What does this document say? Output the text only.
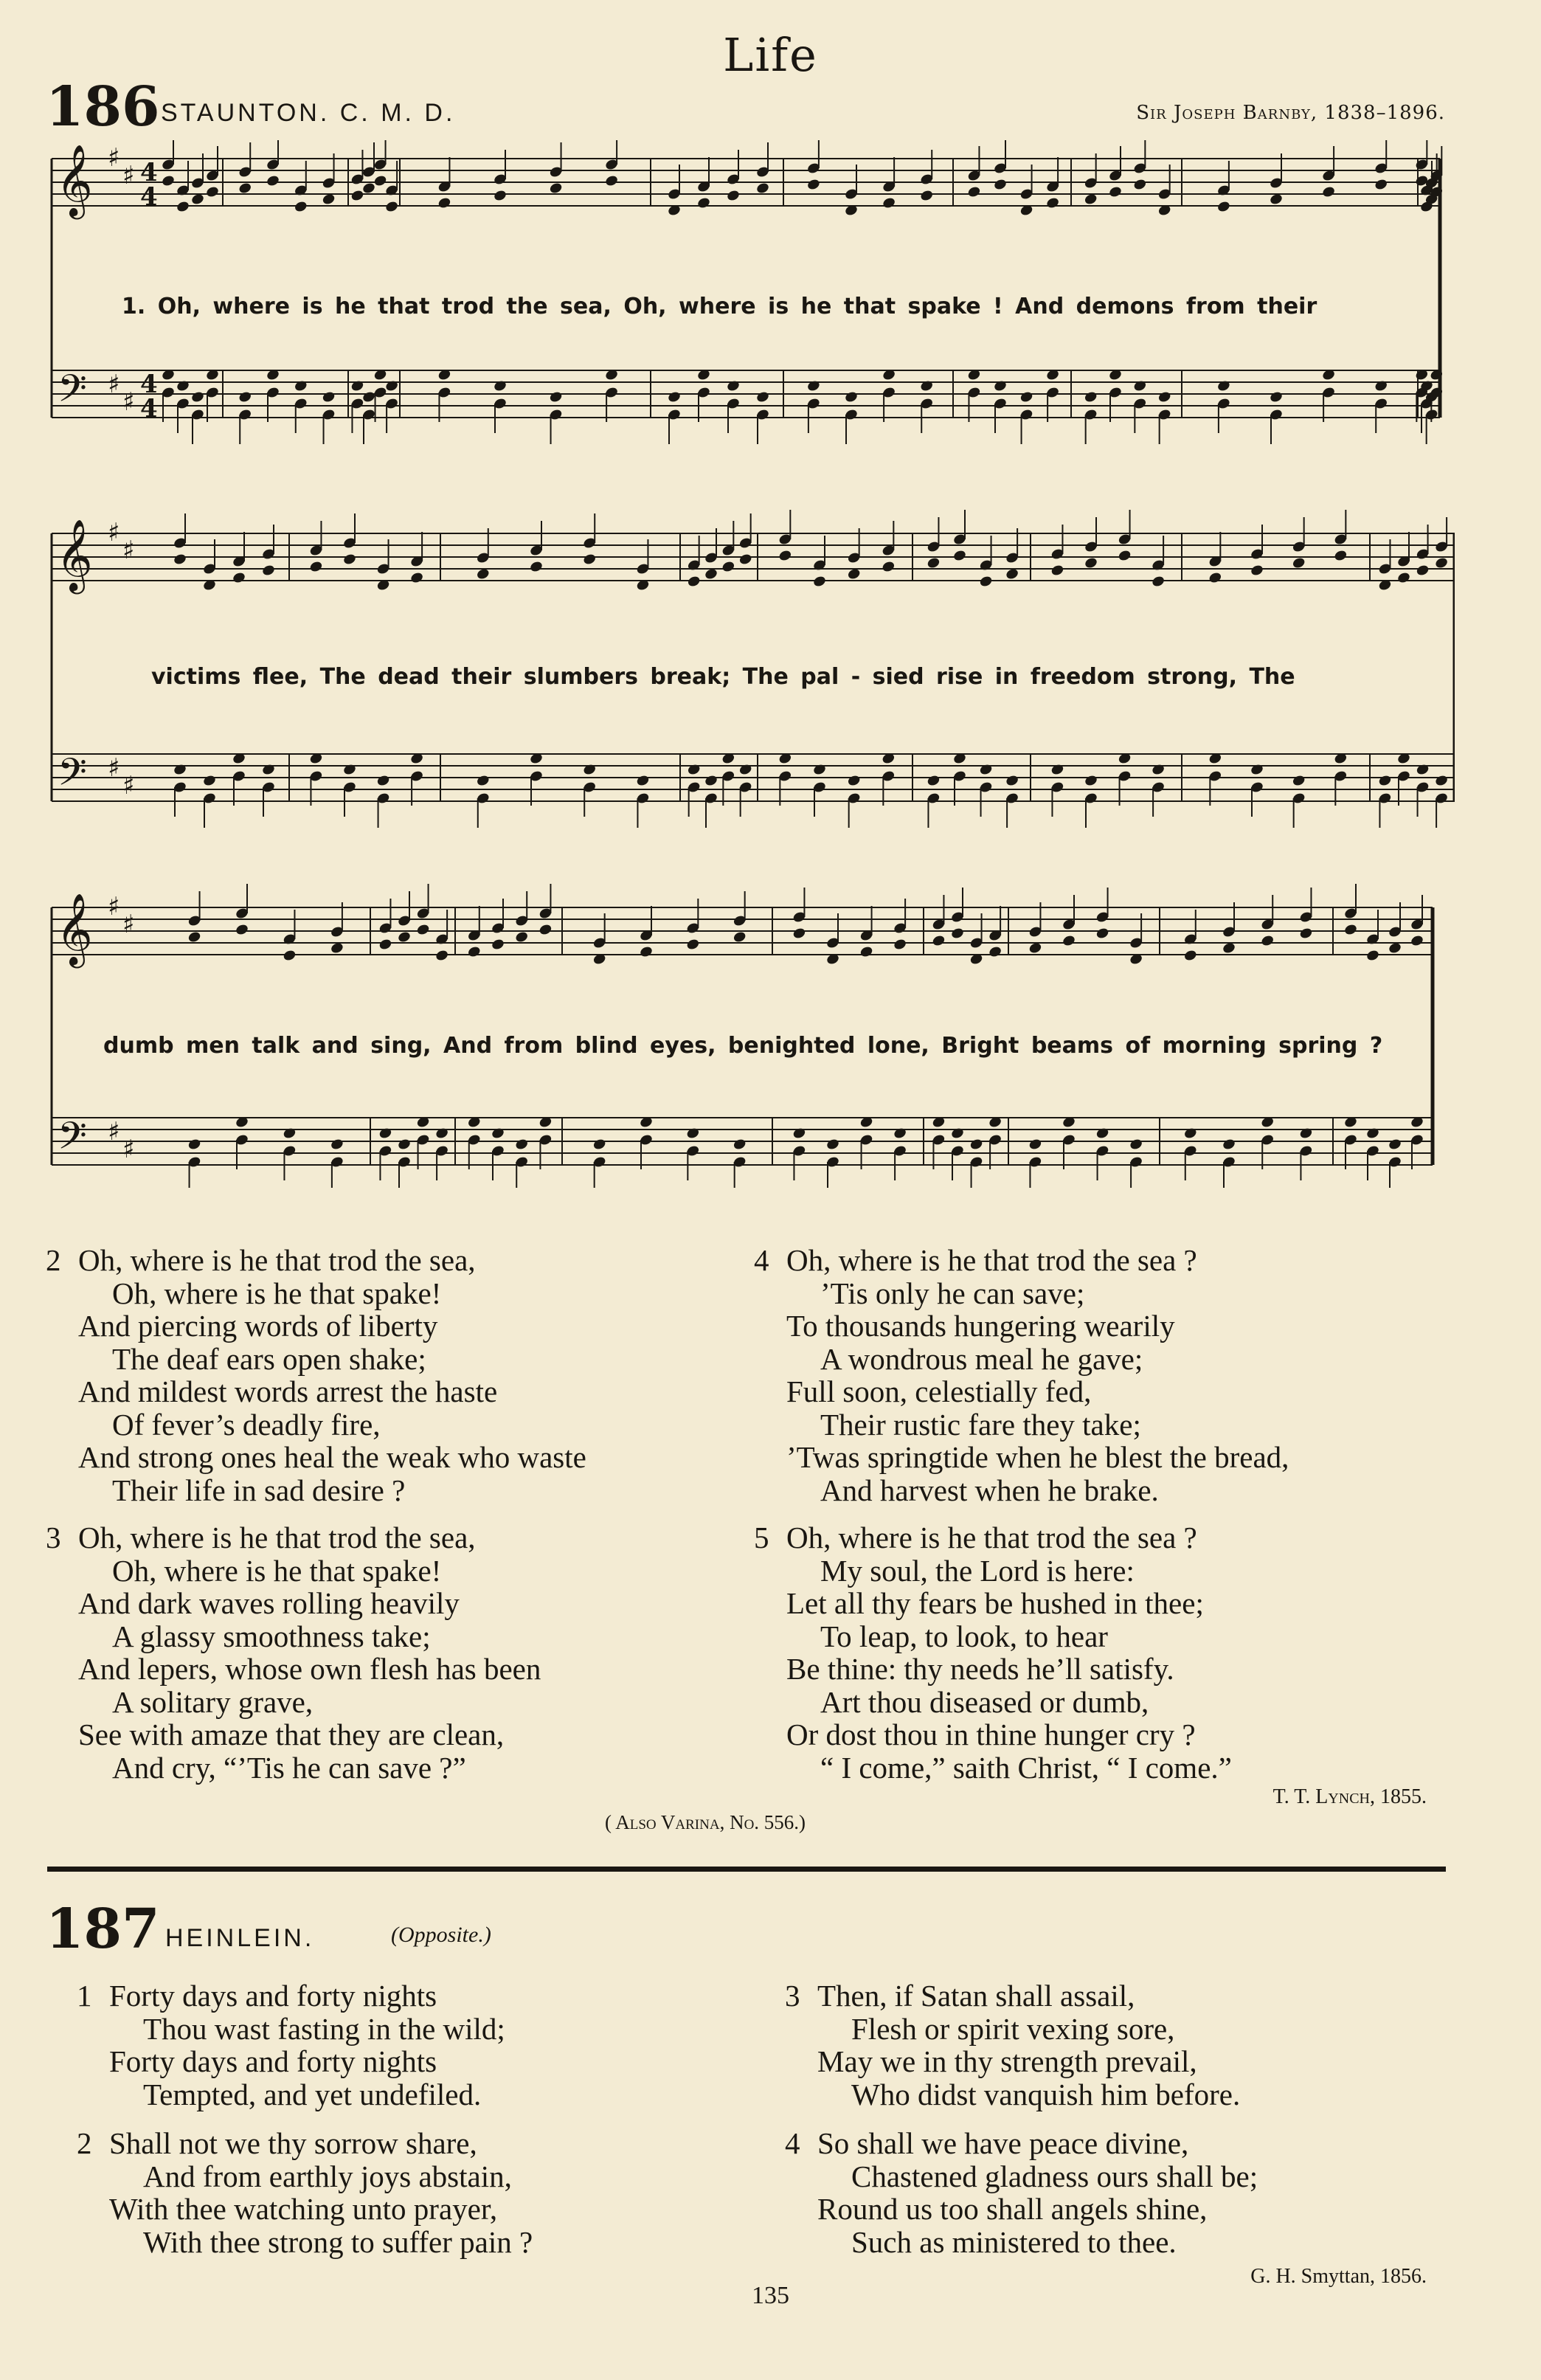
Life
186 STAUNTON. C. M. D.	Sir Joseph Barnby, 1838–1896.
𝄞
𝄢
♯
♯
♯
♯
4
4
4
4
𝄞
𝄢
♯
♯
♯
♯
𝄞
𝄢
♯
♯
♯
♯
1. Oh, where is he that trod the sea, Oh, where is he that spake ! And demons from their
victims flee, The dead their slumbers break; The pal - sied rise in freedom strong, The
dumb men talk and sing, And from blind eyes, benighted lone, Bright beams of morning spring ?
2 Oh, where is he that trod the sea,
Oh, where is he that spake!
And piercing words of liberty
The deaf ears open shake;
And mildest words arrest the haste
Of fever’s deadly fire,
And strong ones heal the weak who waste
Their life in sad desire ?
3 Oh, where is he that trod the sea,
Oh, where is he that spake!
And dark waves rolling heavily
A glassy smoothness take;
And lepers, whose own flesh has been
A solitary grave,
See with amaze that they are clean,
And cry, “’Tis he can save ?”
4 Oh, where is he that trod the sea ?
’Tis only he can save;
To thousands hungering wearily
A wondrous meal he gave;
Full soon, celestially fed,
Their rustic fare they take;
’Twas springtide when he blest the bread,
And harvest when he brake.
5 Oh, where is he that trod the sea ?
My soul, the Lord is here:
Let all thy fears be hushed in thee;
To leap, to look, to hear
Be thine: thy needs he’ll satisfy.
Art thou diseased or dumb,
Or dost thou in thine hunger cry ?
“ I come,” saith Christ, “ I come.”
T. T. Lynch, 1855.
( Also Varina, No. 556.)
187 HEINLEIN.	(Opposite.)
1 Forty days and forty nights
Thou wast fasting in the wild;
Forty days and forty nights
Tempted, and yet undefiled.
2 Shall not we thy sorrow share,
And from earthly joys abstain,
With thee watching unto prayer,
With thee strong to suffer pain ?
3 Then, if Satan shall assail,
Flesh or spirit vexing sore,
May we in thy strength prevail,
Who didst vanquish him before.
4 So shall we have peace divine,
Chastened gladness ours shall be;
Round us too shall angels shine,
Such as ministered to thee.
G. H. Smyttan, 1856.
135
